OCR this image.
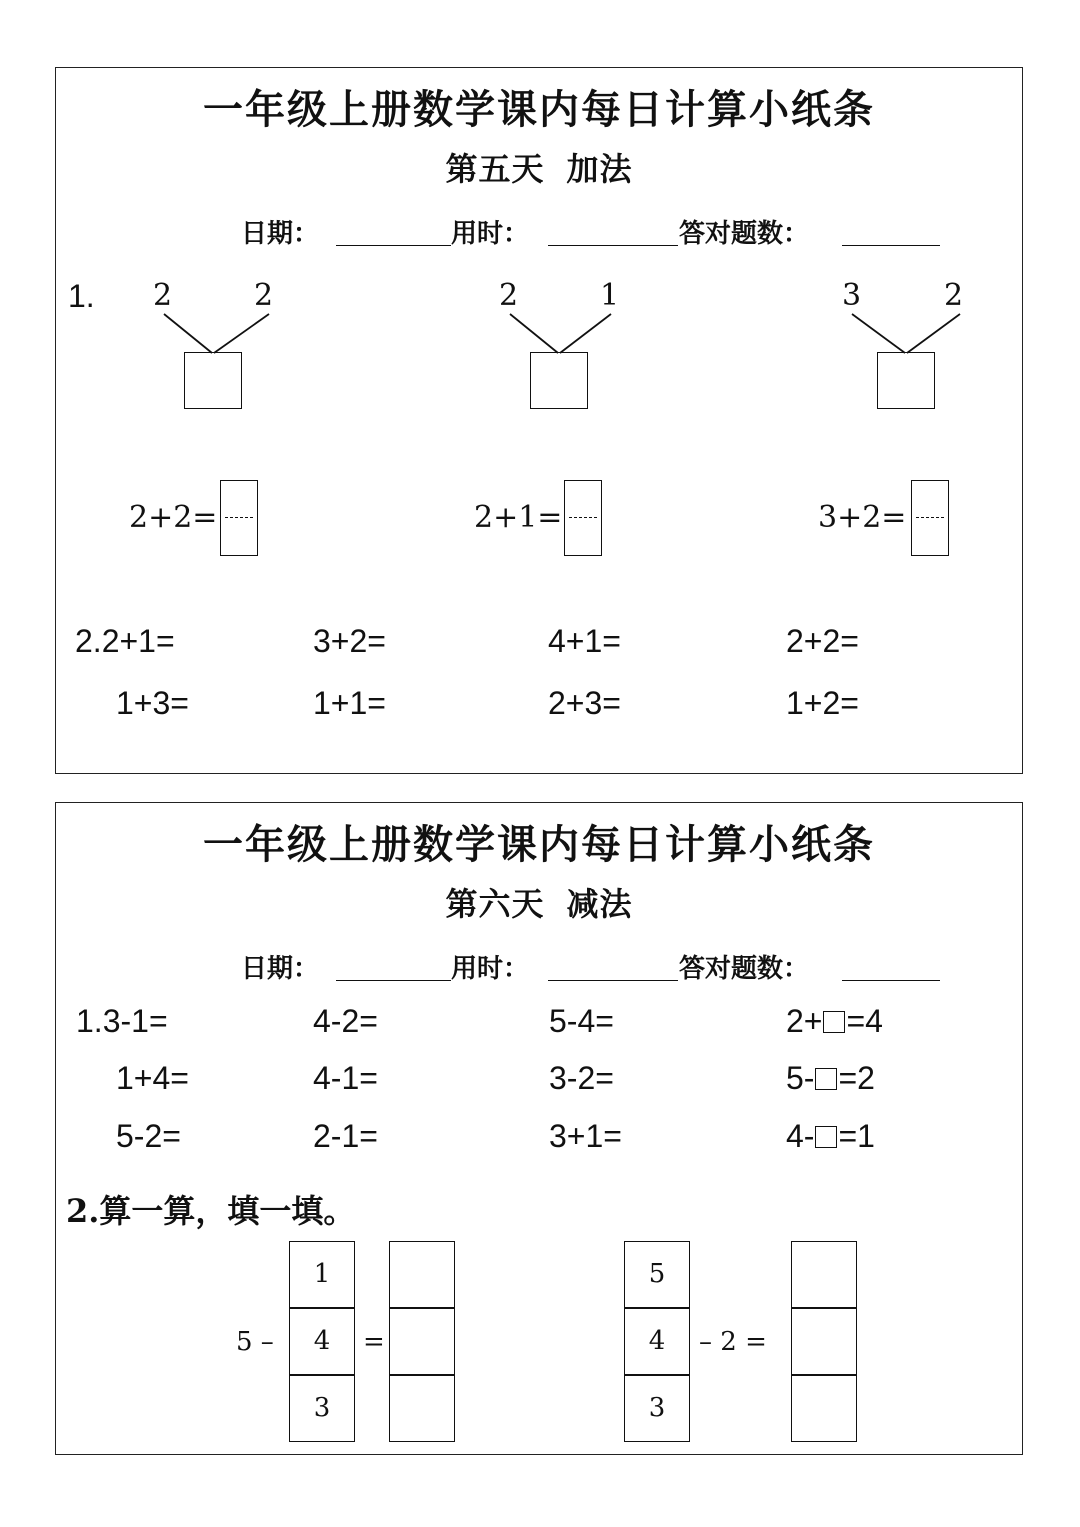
一年级上册数学课内每日计算小纸条
第五天 加法
日期：	用时：	答对题数：
1. 2	2	2	1	3	2
2+2=	2+1=	3+2=
2.2+1=	3+2=	4+1=	2+2=
1+3=	1+1=	2+3=	1+2=
一年级上册数学课内每日计算小纸条
第六天 减法
日期：	用时：	答对题数：
1.3-1=	4-2=	5-4=	2+ =4
1+4=	4-1=	3-2=	5- =2
5-2=	2-1=	3+1=	4- =1
2.算一算，填一填。
5 –
1
4
3
=
5
4
3
– 2 =
